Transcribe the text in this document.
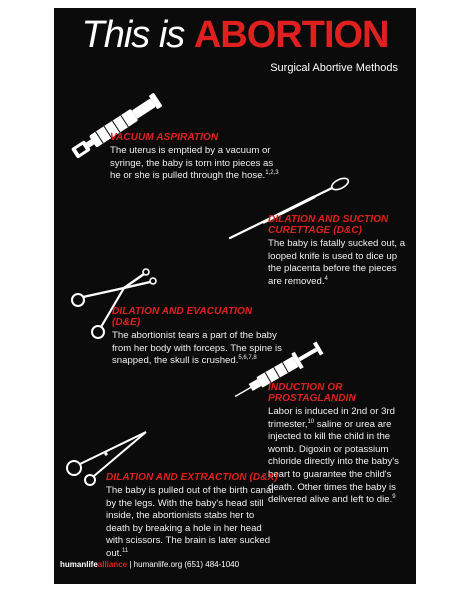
This is ABORTION
Surgical Abortive Methods
VACUUM ASPIRATION
The uterus is emptied by a vacuum or syringe, the baby is torn into pieces as he or she is pulled through the hose.$^{1,2,3}$
DILATION AND SUCTION CURETTAGE (D&C)
The baby is fatally sucked out, a looped knife is used to dice up the placenta before the pieces are removed.$^4$
DILATION AND EVACUATION (D&E)
The abortionist tears a part of the baby from her body with forceps. The spine is snapped, the skull is crushed.$^{5,6,7,8}$
INDUCTION OR PROSTAGLANDIN
Labor is induced in 2nd or 3rd trimester,$^{10}$ saline or urea are injected to kill the child in the womb. Digoxin or potassium chloride directly into the baby's heart to guarantee the child's death. Other times the baby is delivered alive and left to die.$^9$
DILATION AND EXTRACTION (D&X)
The baby is pulled out of the birth canal by the legs. With the baby's head still inside, the abortionists stabs her to death by breaking a hole in her head with scissors. The brain is later sucked out.$^{11}$
humanlifealliance | humanlife.org (651) 484-1040
